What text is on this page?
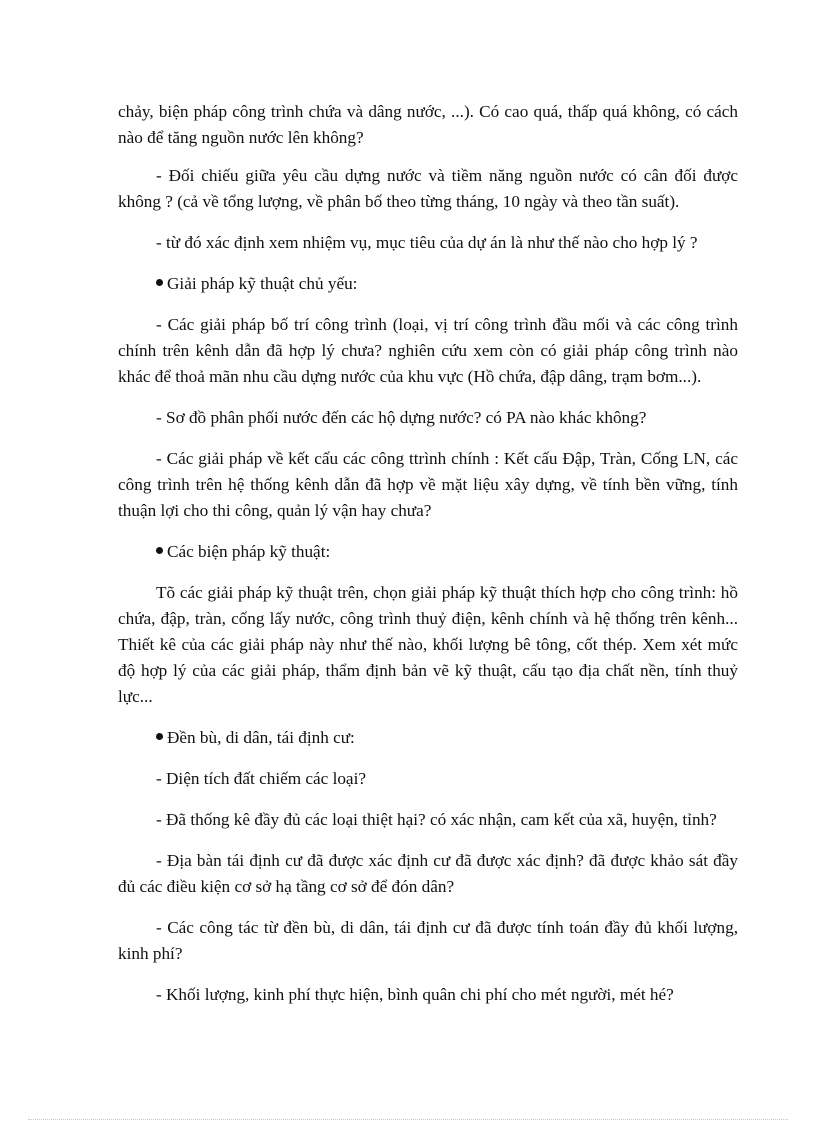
chảy, biện pháp công trình chứa và dâng nước, ...). Có cao quá, thấp quá không, có cách nào để tăng nguồn nước lên không?

- Đối chiếu giữa yêu cầu dựng nước và tiềm năng nguồn nước có cân đối được không ? (cả về tổng lượng, về phân bố theo từng tháng, 10 ngày và theo tần suất).

- từ đó xác định xem nhiệm vụ, mục tiêu của dự án là như thế nào cho hợp lý ?

Giải pháp kỹ thuật chủ yếu:

- Các giải pháp bố trí công trình (loại, vị trí công trình đầu mối và các công trình chính trên kênh dẫn đã hợp lý chưa? nghiên cứu xem còn có giải pháp công trình nào khác để thoả mãn nhu cầu dựng nước của khu vực (Hồ chứa, đập dâng, trạm bơm...).

- Sơ đồ phân phối nước đến các hộ dựng nước? có PA nào khác không?

- Các giải pháp về kết cấu các công ttrình chính : Kết cấu Đập, Tràn, Cống LN, các công trình trên hệ thống kênh dẫn đã hợp về mặt liệu xây dựng, về tính bền vững, tính thuận lợi cho thi công, quản lý vận hay chưa?

Các biện pháp kỹ thuật:

Tõ các giải pháp kỹ thuật trên, chọn giải pháp kỹ thuật thích hợp cho công trình: hồ chứa, đập, tràn, cống lấy nước, công trình thuỷ điện, kênh chính và hệ thống trên kênh... Thiết kê của các giải pháp này như thế nào, khối lượng bê tông, cốt thép. Xem xét mức độ hợp lý của các giải pháp, thẩm định bản vẽ kỹ thuật, cấu tạo địa chất nền, tính thuỷ lực...

Đền bù, di dân, tái định cư:

- Diện tích đất chiếm các loại?

- Đã thống kê đầy đủ các loại thiệt hại? có xác nhận, cam kết của xã, huyện, tỉnh?

- Địa bàn tái định cư đã được xác định cư đã được xác định? đã được khảo sát đầy đủ các điều kiện cơ sở hạ tầng cơ sở để đón dân?

- Các công tác từ đền bù, di dân, tái định cư đã được tính toán đầy đủ khối lượng, kinh phí?

- Khối lượng, kinh phí thực hiện, bình quân chi phí cho mét người, mét hé?
